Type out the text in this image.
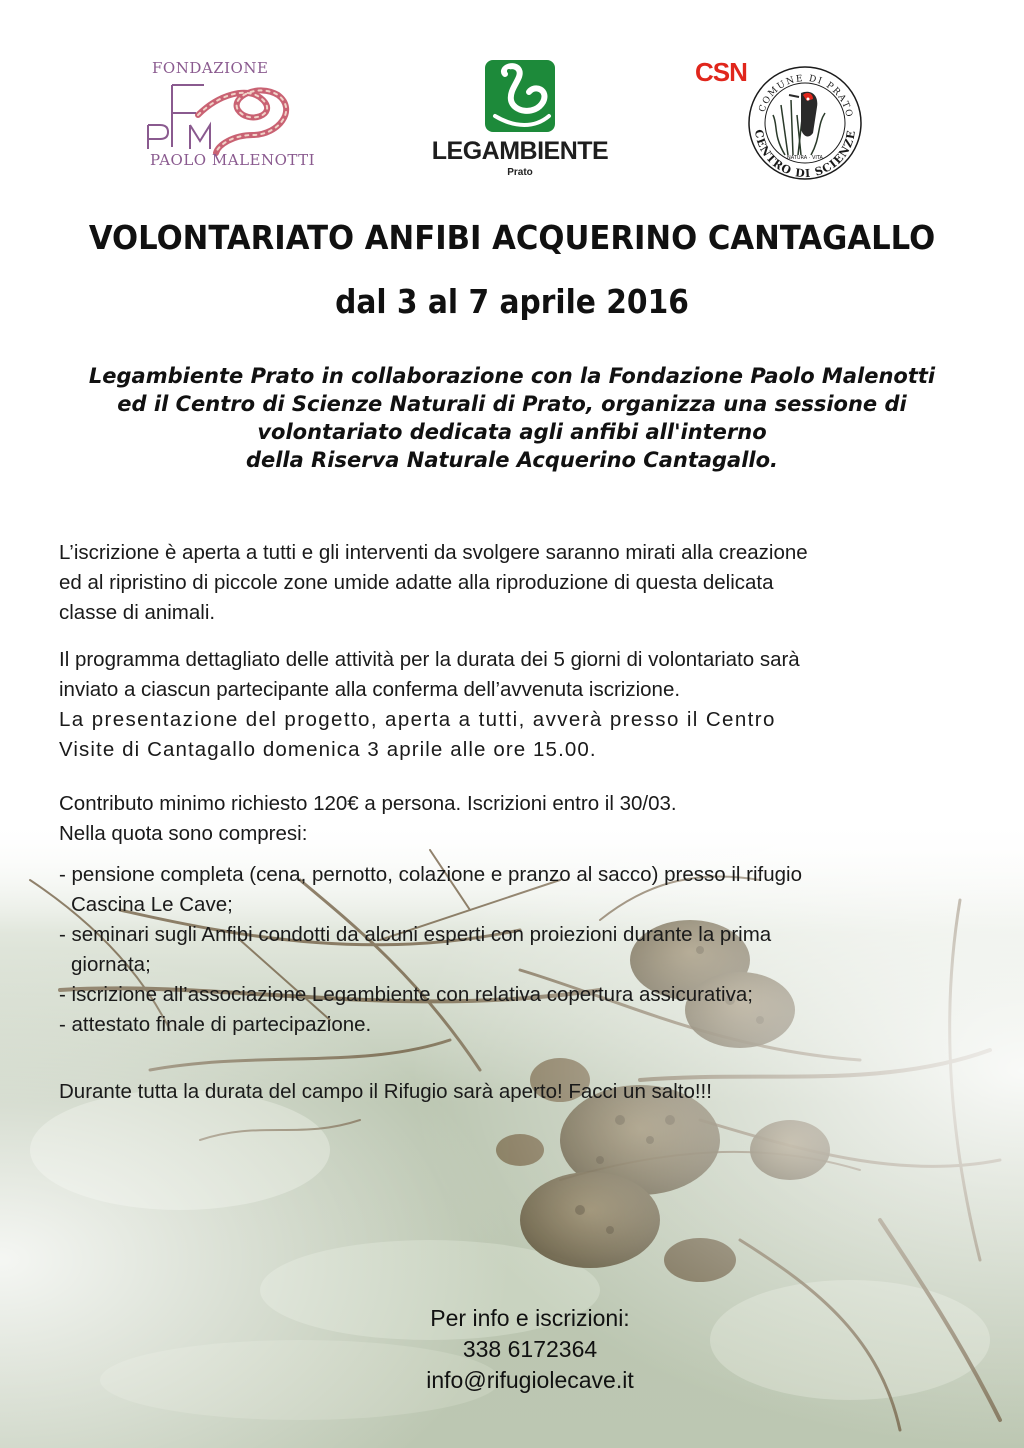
FONDAZIONE
PAOLO MALENOTTI	LEGAMBIENTE
Prato
CSN
COMUNE DI PRATO
CENTRO DI SCIENZE
NATURA · VITA
VOLONTARIATO ANFIBI ACQUERINO CANTAGALLO
dal 3 al 7 aprile 2016

Legambiente Prato in collaborazione con la Fondazione Paolo Malenotti
ed il Centro di Scienze Naturali di Prato, organizza una sessione di
volontariato dedicata agli anfibi all'interno
della Riserva Naturale Acquerino Cantagallo.

L’iscrizione è aperta a tutti e gli interventi da svolgere saranno mirati alla creazione
ed al ripristino di piccole zone umide adatte alla riproduzione di questa delicata
classe di animali.

Il programma dettagliato delle attività per la durata dei 5 giorni di volontariato sarà
inviato a ciascun partecipante alla conferma dell’avvenuta iscrizione.
La presentazione del progetto, aperta a tutti, avverà presso il Centro
Visite di Cantagallo domenica 3 aprile alle ore 15.00.

Contributo minimo richiesto 120€ a persona. Iscrizioni entro il 30/03.
Nella quota sono compresi:

- pensione completa (cena, pernotto, colazione e pranzo al sacco) presso il rifugio
Cascina Le Cave;
- seminari sugli Anfibi condotti da alcuni esperti con proiezioni durante la prima
giornata;
- iscrizione all’associazione Legambiente con relativa copertura assicurativa;
- attestato finale di partecipazione.

Durante tutta la durata del campo il Rifugio sarà aperto! Facci un salto!!!

Per info e iscrizioni:
338 6172364
info@rifugiolecave.it
